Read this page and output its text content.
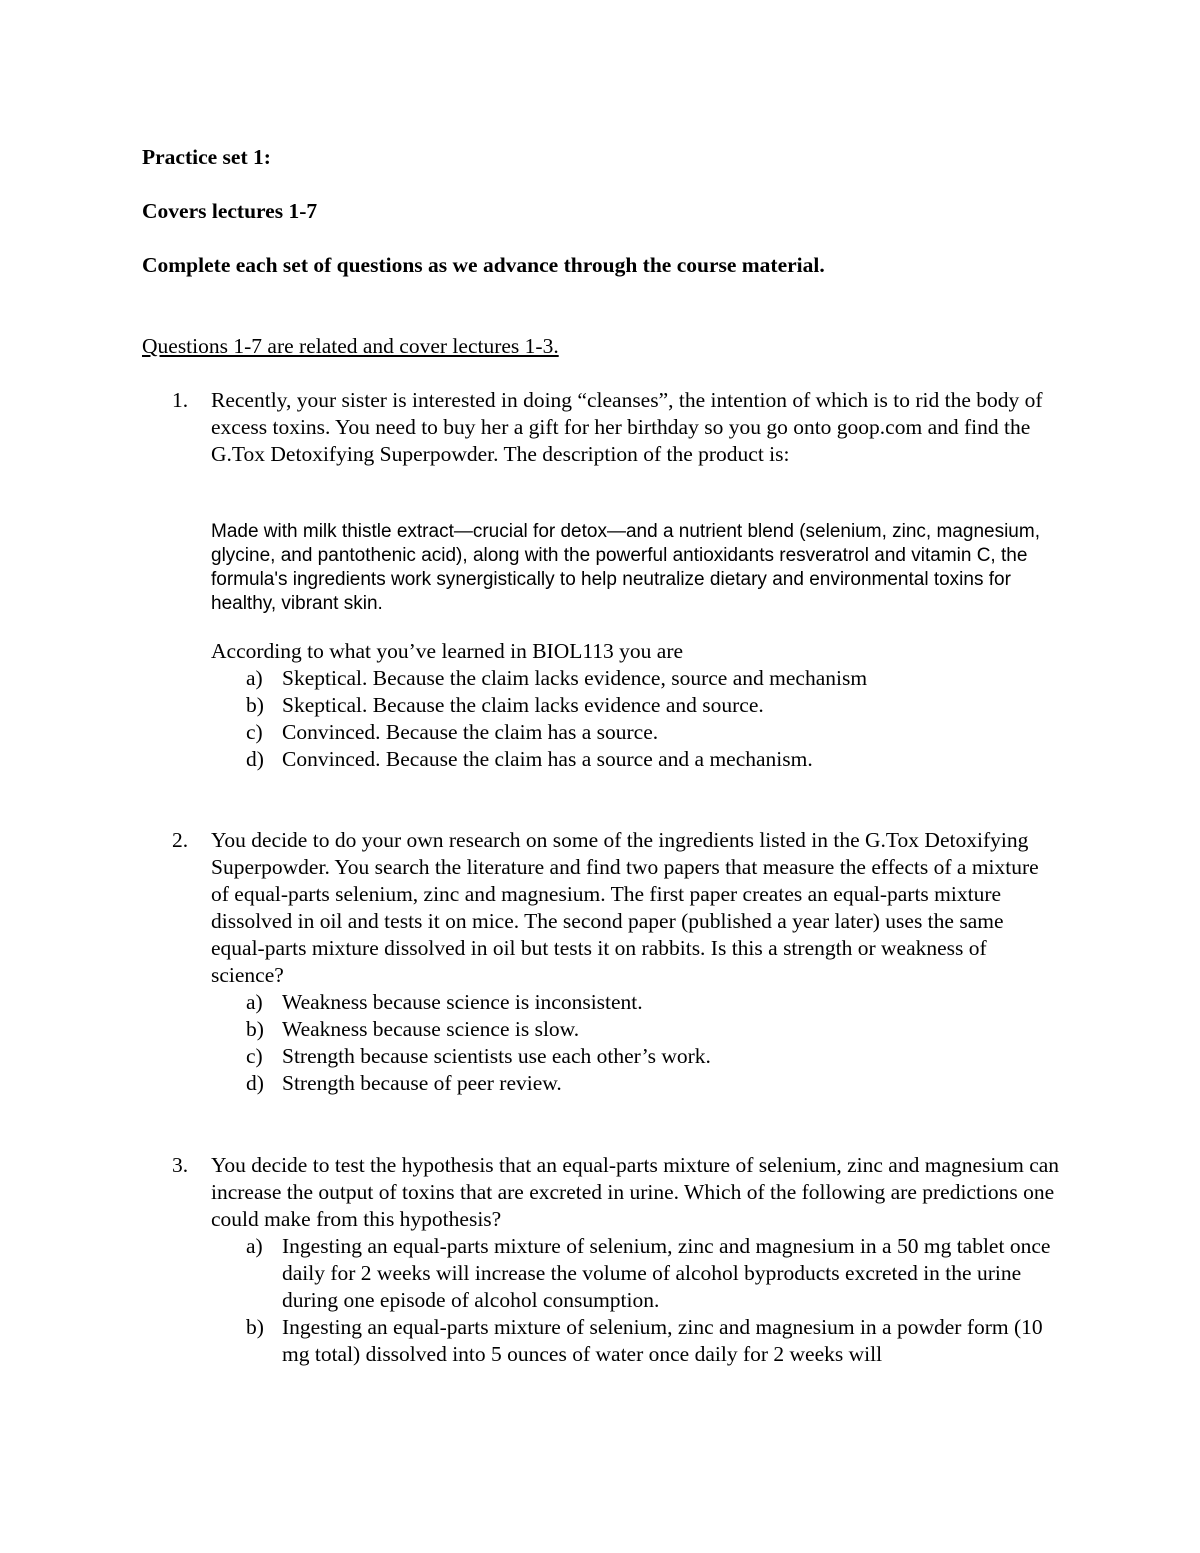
Practice set 1:

Covers lectures 1-7

Complete each set of questions as we advance through the course material.

Questions 1-7 are related and cover lectures 1-3.

1. Recently, your sister is interested in doing “cleanses”, the intention of which is to rid the body of excess toxins. You need to buy her a gift for her birthday so you go onto goop.com and find the G.Tox Detoxifying Superpowder. The description of the product is:

Made with milk thistle extract—crucial for detox—and a nutrient blend (selenium, zinc, magnesium, glycine, and pantothenic acid), along with the powerful antioxidants resveratrol and vitamin C, the formula's ingredients work synergistically to help neutralize dietary and environmental toxins for healthy, vibrant skin.

According to what you’ve learned in BIOL113 you are

a) Skeptical. Because the claim lacks evidence, source and mechanism
b) Skeptical. Because the claim lacks evidence and source.
c) Convinced. Because the claim has a source.
d) Convinced. Because the claim has a source and a mechanism.
2. You decide to do your own research on some of the ingredients listed in the G.Tox Detoxifying Superpowder. You search the literature and find two papers that measure the effects of a mixture of equal-parts selenium, zinc and magnesium. The first paper creates an equal-parts mixture dissolved in oil and tests it on mice. The second paper (published a year later) uses the same equal-parts mixture dissolved in oil but tests it on rabbits. Is this a strength or weakness of science?

a) Weakness because science is inconsistent.
b) Weakness because science is slow.
c) Strength because scientists use each other’s work.
d) Strength because of peer review.
3. You decide to test the hypothesis that an equal-parts mixture of selenium, zinc and magnesium can increase the output of toxins that are excreted in urine. Which of the following are predictions one could make from this hypothesis?

a) Ingesting an equal-parts mixture of selenium, zinc and magnesium in a 50 mg tablet once daily for 2 weeks will increase the volume of alcohol byproducts excreted in the urine during one episode of alcohol consumption.
b) Ingesting an equal-parts mixture of selenium, zinc and magnesium in a powder form (10 mg total) dissolved into 5 ounces of water once daily for 2 weeks will
